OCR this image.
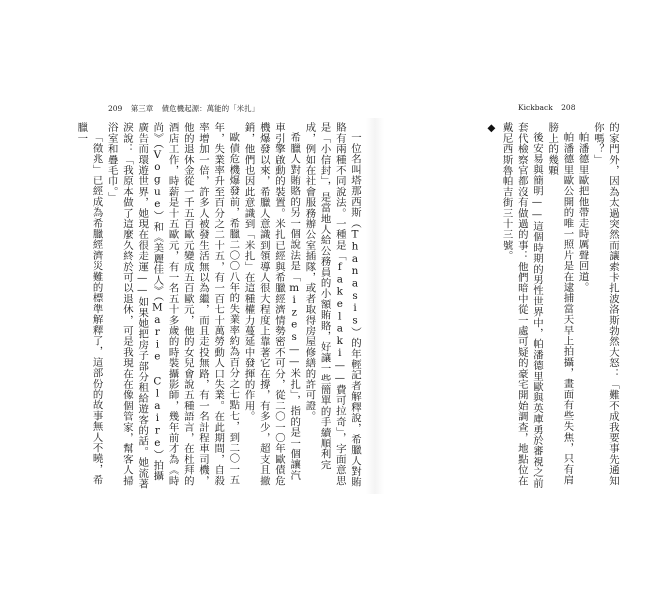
209 第三章 債危機起源：萬能的「米扎」	Kickback 208

的家門外，因為太過突然而讓索卡扎波洛斯勃然大怒：「難不成我要事先通知你嗎？」

帕潘德里歐把他帶走時厲聲回道。

帕潘德里歐公開的唯一照片是在逮捕當天早上拍攝，畫面有些失焦，只有肩膀上的幾顆

後安易與簡明——這個時期的男性世界中，帕潘德里歐與英庫勇於審視之前套代檢察官都沒有做過的事：他們暗中從一處可疑的豪宅開始調查，地點位在戴尼西斯魯帕吉街三十三號。

◆

一位名叫塔那西斯（Thanasis）的年輕記者解釋說，希臘人對賄賂有兩種不同說法。一種是「fakelaki——費可拉奇」，字面意思是「小信封」，是當地人給公務員的小額賄賂，好讓一些簡單的手續順利完成，例如在社會服務辦公室插隊，或者取得房屋修繕的許可證。

希臘人對賄賂的另一個說法是「mizes——米扎」，指的是一個讓汽車引擎啟動的裝置。米扎已經與希臘經濟情勢密不可分，從二〇一〇年歐債危機爆發以來，希臘人意識到領導人很大程度上靠著它在撐，有多少，超支且撤銷，他們也因此意識到「米扎」在這種權力蔓延中發揮的作用。

歐債危機爆發前，希臘二〇〇八年的失業率約為百分之七點七，到二〇一五年，失業率升至百分之二十五，有一百七十萬勞動人口失業。在此期間，自殺率增加一倍，許多人被發生活無以為繼，而且走投無路，有一名計程車司機，他的退休金從一千五百歐元變成五百歐元，他的女兒會說五種語言，在杜拜的酒店工作，時薪是十五歐元，有一名五十多歲的時裝攝影師，幾年前才為《時尚》（Vogue）和《美麗佳人》（Marie Claire）拍攝廣告而環遊世界，她現在很走運——如果她把房子部分租給遊客的話。她流著淚說：「我原本做了這麼久終於可以退休，可是我現在在像個管家，幫客人掃浴室和疊毛巾。」

「徵兆」已經成為希臘經濟災難的標準解釋了，這部份的故事無人不曉，希臘一
